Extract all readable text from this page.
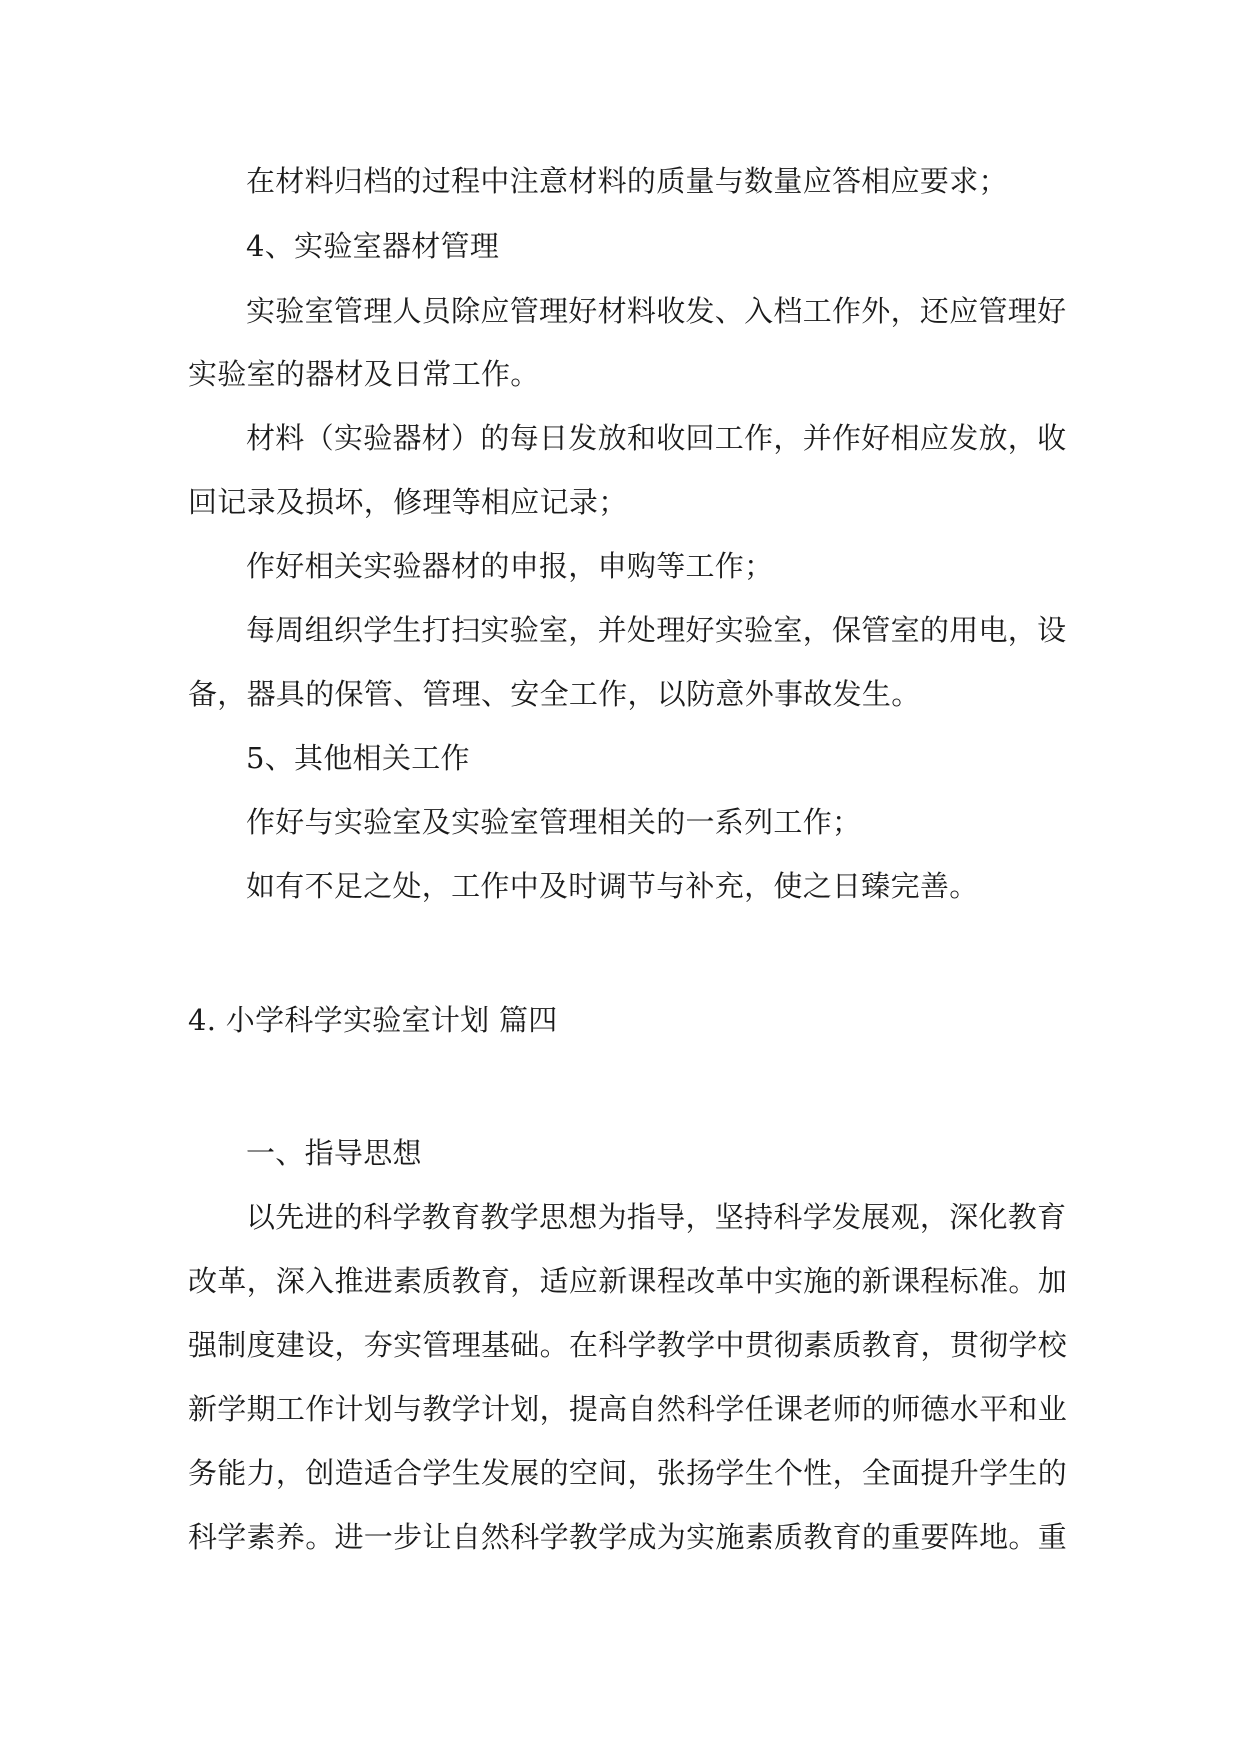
在材料归档的过程中注意材料的质量与数量应答相应要求；
4、实验室器材管理
实验室管理人员除应管理好材料收发、入档工作外，还应管理好
实验室的器材及日常工作。
材料（实验器材）的每日发放和收回工作，并作好相应发放，收
回记录及损坏，修理等相应记录；
作好相关实验器材的申报，申购等工作；
每周组织学生打扫实验室，并处理好实验室，保管室的用电，设
备，器具的保管、管理、安全工作，以防意外事故发生。
5、其他相关工作
作好与实验室及实验室管理相关的一系列工作；
如有不足之处，工作中及时调节与补充，使之日臻完善。
4. 小学科学实验室计划 篇四
一、指导思想
以先进的科学教育教学思想为指导，坚持科学发展观，深化教育
改革，深入推进素质教育，适应新课程改革中实施的新课程标准。加
强制度建设，夯实管理基础。在科学教学中贯彻素质教育，贯彻学校
新学期工作计划与教学计划，提高自然科学任课老师的师德水平和业
务能力，创造适合学生发展的空间，张扬学生个性，全面提升学生的
科学素养。进一步让自然科学教学成为实施素质教育的重要阵地。重
